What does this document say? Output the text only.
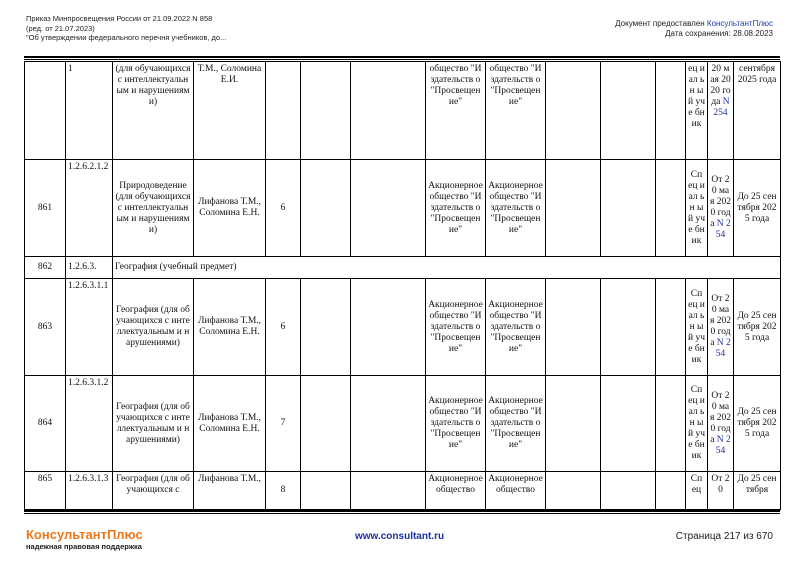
Приказ Минпросвещения России от 21.09.2022 N 858
(ред. от 21.07.2023)
"Об утверждении федерального перечня учебников, до...
Документ предоставлен КонсультантПлюс
Дата сохранения: 28.08.2023
	1	(для обучающихся с интеллектуальным и нарушениями)	Т.М., Соломина Е.И.				общество "Издательств о "Просвещен ие"	общество "Издательств о "Просвещен ие"				ец иал ьн ый уче бн ик	20 мая 2020 года N 254	сентября 2025 года
861	1.2.6.2.1.2	Природоведение (для обучающихся с интеллектуальным и нарушениями)	Лифанова Т.М., Соломина Е.Н.	6			Акционерное общество "Издательств о "Просвещен ие"	Акционерное общество "Издательств о "Просвещен ие"				Сп ец иал ьн ый уче бн ик	От 20 мая 2020 года N 254	До 25 сентября 2025 года
862	1.2.6.3.	География (учебный предмет)												
863	1.2.6.3.1.1	География (для обучающихся с интеллектуальным и нарушениями)	Лифанова Т.М., Соломина Е.Н.	6			Акционерное общество "Издательств о "Просвещен ие"	Акционерное общество "Издательств о "Просвещен ие"				Сп ец иал ьн ый уче бн ик	От 20 мая 2020 года N 254	До 25 сентября 2025 года
864	1.2.6.3.1.2	География (для обучающихся с интеллектуальным и нарушениями)	Лифанова Т.М., Соломина Е.Н.	7			Акционерное общество "Издательств о "Просвещен ие"	Акционерное общество "Издательств о "Просвещен ие"				Сп ец иал ьн ый уче бн ик	От 20 мая 2020 года N 254	До 25 сентября 2025 года
865	1.2.6.3.1.3	География (для обучающихся с	Лифанова Т.М.,	8			Акционерное общество	Акционерное общество				Сп ец	От 20	До 25 сентября
КонсультантПлюс
надежная правовая поддержка
www.consultant.ru	Страница 217 из 670
